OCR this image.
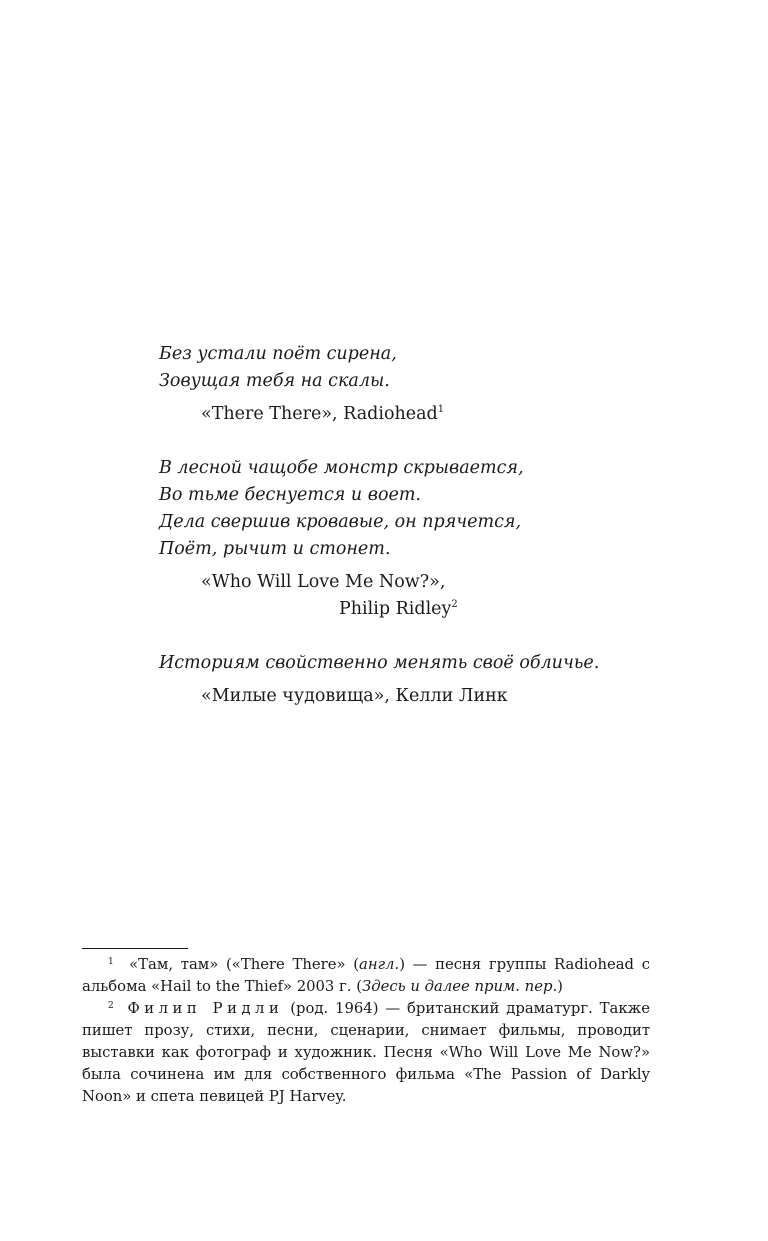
Без устали поёт сирена,

Зовущая тебя на скалы.

«There There», Radiohead$^1$

В лесной чащобе монстр скрывается,

Во тьме беснуется и воет.

Дела свершив кровавые, он прячется,

Поёт, рычит и стонет.

«Who Will Love Me Now?»,
Philip Ridley$^2$

Историям свойственно менять своё обличье.

«Милые чудовища», Келли Линк

$^1$ «Там, там» («There There» (англ.) — песня группы Radiohead с альбома «Hail to the Thief» 2003 г. (Здесь и далее прим. пер.)

$^2$ Филип Ридли (род. 1964) — британский драматург. Также пишет прозу, стихи, песни, сценарии, снимает фильмы, проводит выставки как фотограф и художник. Песня «Who Will Love Me Now?» была сочинена им для собственного фильма «The Passion of Darkly Noon» и спета певицей PJ Harvey.
